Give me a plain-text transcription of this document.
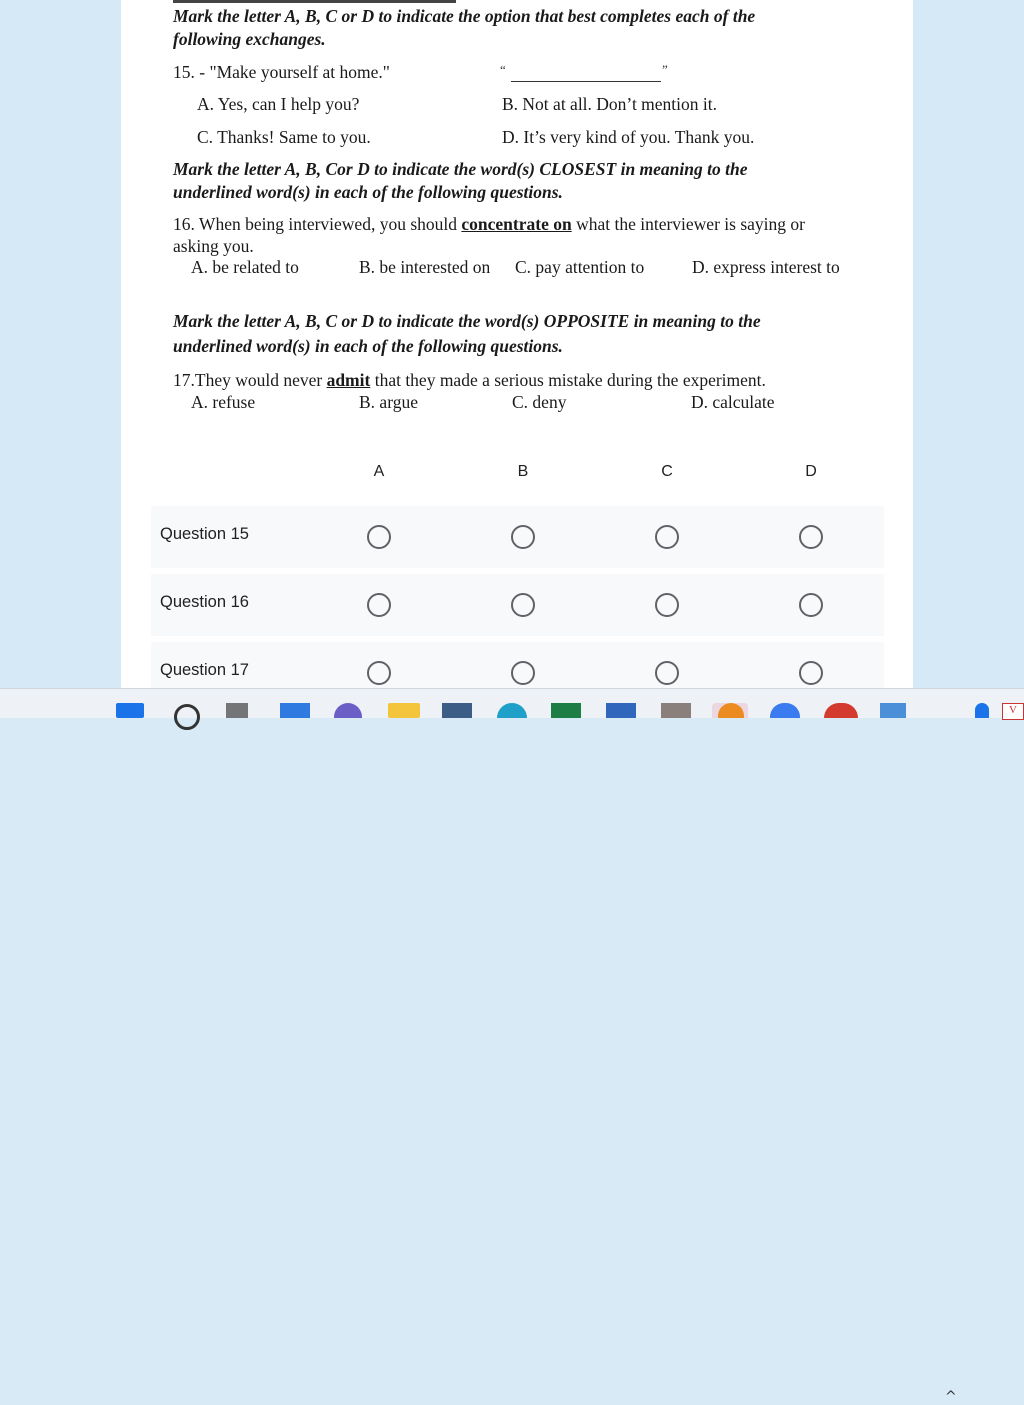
Mark the letter A, B, C or D to indicate the option that best completes each of the
following exchanges.
15. - "Make yourself at home."	“	”
A. Yes, can I help you?	B. Not at all. Don’t mention it.
C. Thanks! Same to you.	D. It’s very kind of you. Thank you.
Mark the letter A, B, Cor D to indicate the word(s) CLOSEST in meaning to the
underlined word(s) in each of the following questions.
16. When being interviewed, you should concentrate on what the interviewer is saying or
asking you.
A. be related to	B. be interested on C. pay attention to	D. express interest to
Mark the letter A, B, C or D to indicate the word(s) OPPOSITE in meaning to the
underlined word(s) in each of the following questions.
17.They would never admit that they made a serious mistake during the experiment.
A. refuse	B. argue	C. deny	D. calculate
A	B	C	D
Question 15
Question 16
Question 17
^
V
